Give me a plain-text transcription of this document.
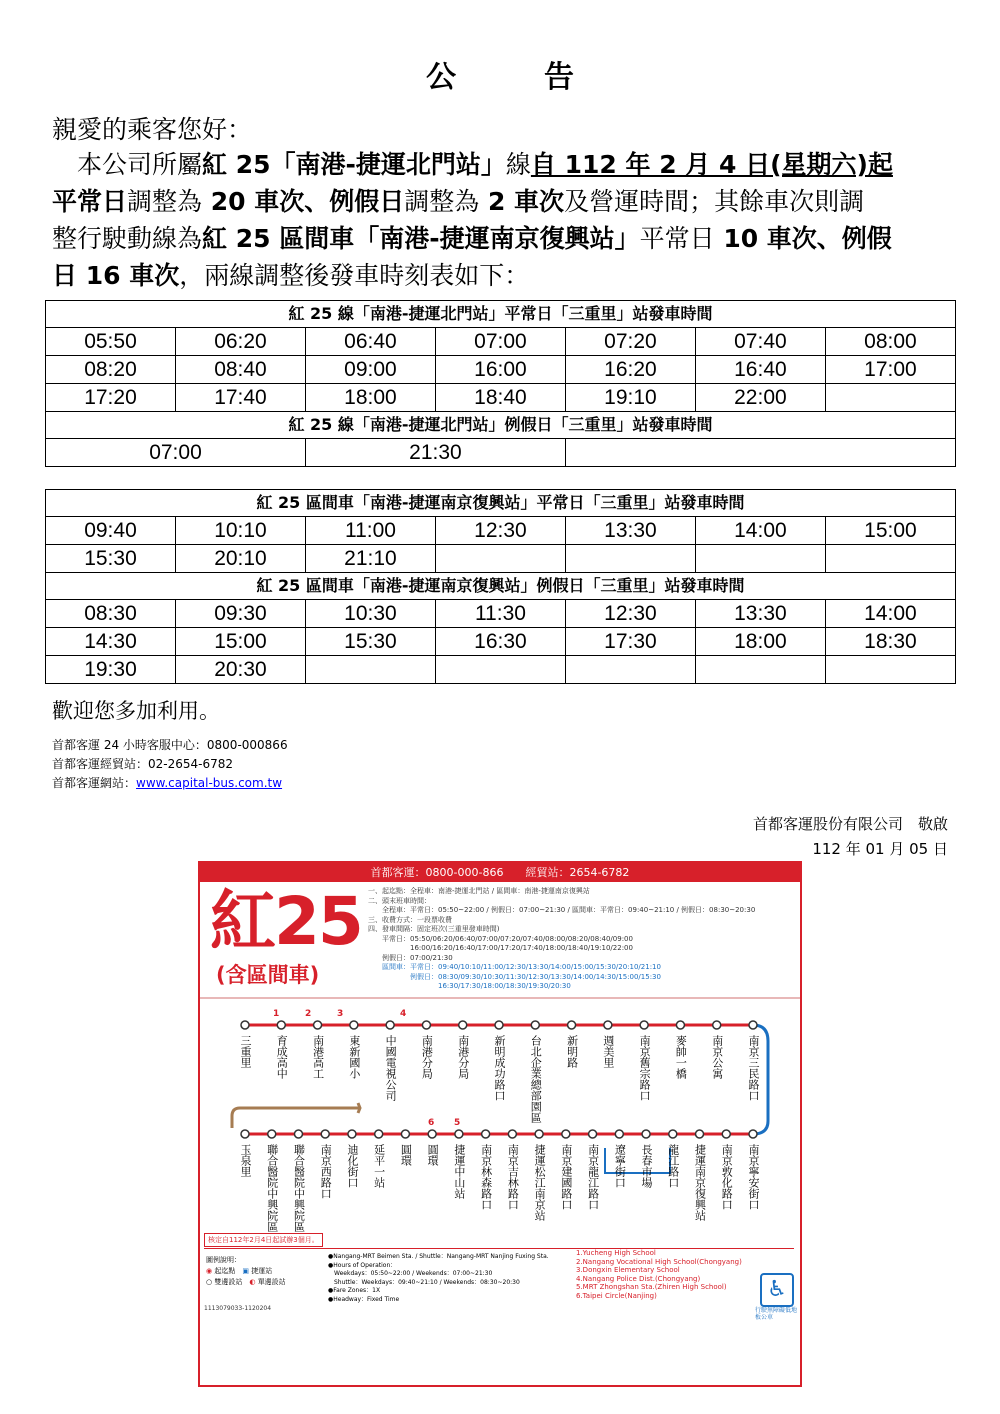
公	告
親愛的乘客您好：

　本公司所屬紅 25「南港-捷運北門站」線自 112 年 2 月 4 日(星期六)起

平常日調整為 20 車次、例假日調整為 2 車次及營運時間；其餘車次則調

整行駛動線為紅 25 區間車「南港-捷運南京復興站」平常日 10 車次、例假

日 16 車次，兩線調整後發車時刻表如下：

紅 25 線「南港-捷運北門站」平常日「三重里」站發車時間						
05:50	06:20	06:40	07:00	07:20	07:40	08:00
08:20	08:40	09:00	16:00	16:20	16:40	17:00
17:20	17:40	18:00	18:40	19:10	22:00	
紅 25 線「南港-捷運北門站」例假日「三重里」站發車時間						
07:00		21:30				
紅 25 區間車「南港-捷運南京復興站」平常日「三重里」站發車時間						
09:40	10:10	11:00	12:30	13:30	14:00	15:00
15:30	20:10	21:10				
紅 25 區間車「南港-捷運南京復興站」例假日「三重里」站發車時間						
08:30	09:30	10:30	11:30	12:30	13:30	14:00
14:30	15:00	15:30	16:30	17:30	18:00	18:30
19:30	20:30					
歡迎您多加利用。
首都客運 24 小時客服中心：0800-000866
首都客運經貿站：02-2654-6782
首都客運網站：www.capital-bus.com.tw
首都客運股份有限公司　敬啟
112 年 01 月 05 日
首都客運：0800-000-866　　經貿站：2654-6782
紅25
(含區間車)
一、起迄點：全程車：南港-捷運北門站 / 區間車：南港-捷運南京復興站
二、頭末班車時間：
　　全程車：平常日：05:50~22:00 / 例假日：07:00~21:30 / 區間車：平常日：09:40~21:10 / 例假日：08:30~20:30
三、收費方式：一段票收費
四、發車間隔：固定班次(三重里發車時間)
　　平常日：05:50/06:20/06:40/07:00/07:20/07:40/08:00/08:20/08:40/09:00
　　　　　　16:00/16:20/16:40/17:00/17:20/17:40/18:00/18:40/19:10/22:00
　　例假日：07:00/21:30
　　區間車：平常日：09:40/10:10/11:00/12:30/13:30/14:00/15:00/15:30/20:10/21:10
　　　　　　例假日：08:30/09:30/10:30/11:30/12:30/13:30/14:00/14:30/15:00/15:30
　　　　　　　　　　16:30/17:30/18:00/18:30/19:30/20:30
三重里 育成高中 南港高工 東新國小 中國電視公司 南港分局 南港分局 新明成功路口 台北企業總部園區 新明路 週美里 南京舊宗路口 麥帥一橋 南京公寓 南京三民路口
玉泉里 聯合醫院中興院區 聯合醫院中興院區 南京西路口 迪化街口 延平一站 圓環 圓環 捷運中山站 南京林森路口 南京吉林路口 捷運松江南京站 南京建國路口 南京龍江路口 遼寧街口 長春市場 龍江路口 捷運南京復興站 南京敦化路口 南京寧安街口
1	2	3	4
6 5
核定自112年2月4日起試辦3個月。
圖例說明：
◉ 起迄點　 ▣ 捷運站
○ 雙邊設站　 ◐ 單邊設站
●Nangang-MRT Beimen Sta. / Shuttle：Nangang-MRT Nanjing Fuxing Sta.
●Hours of Operation：
　Weekdays：05:50~22:00 / Weekends：07:00~21:30
　Shuttle：Weekdays：09:40~21:10 / Weekends：08:30~20:30
●Fare Zones：1X
●Headway：Fixed Time
1.Yucheng High School
2.Nangang Vocational High School(Chongyang)
3.Dongxin Elementary School
4.Nangang Police Dist.(Chongyang)
5.MRT Zhongshan Sta.(Zhiren High School)
6.Taipei Circle(Nanjing)	♿
行駛無障礙低地板公車
1113079033-1120204
